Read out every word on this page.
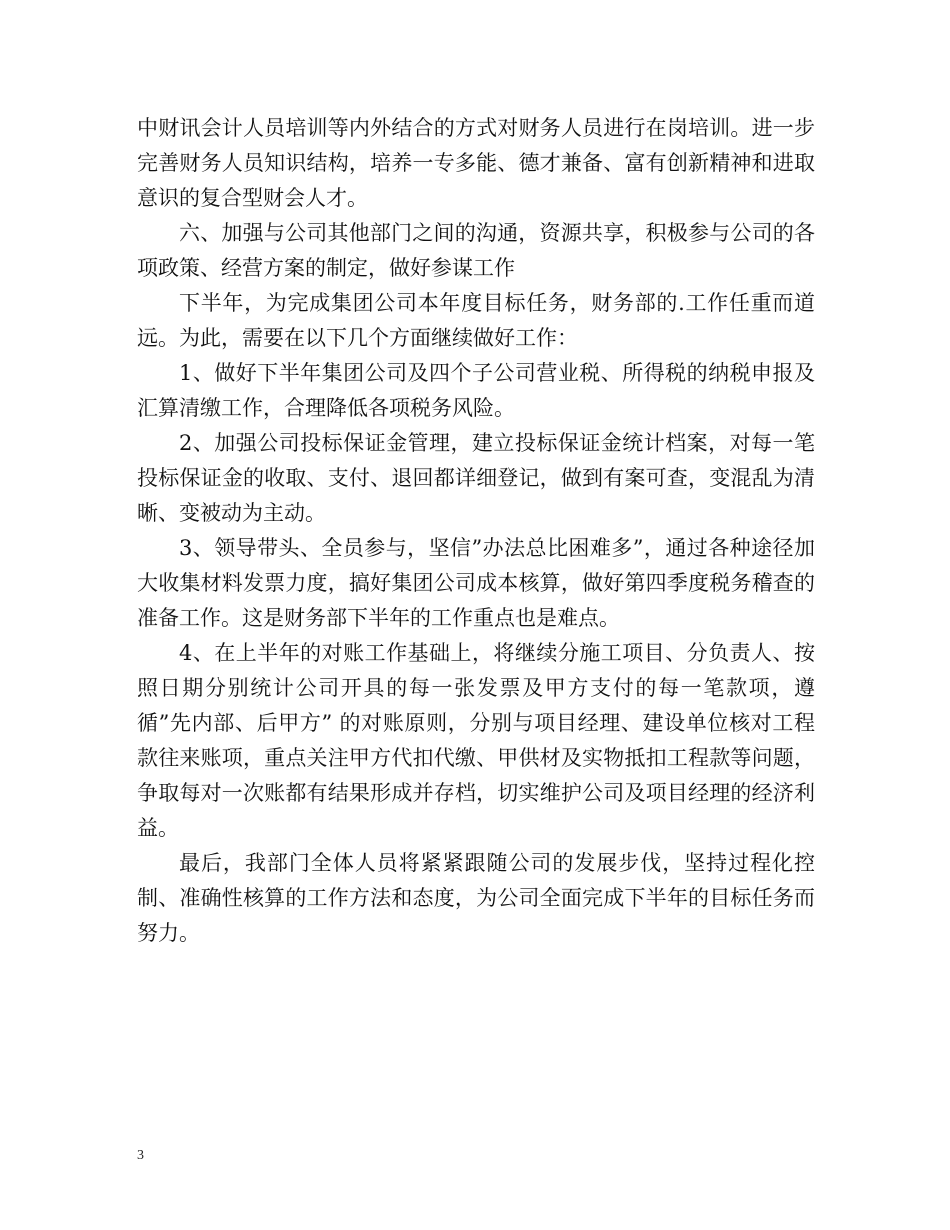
中财讯会计人员培训等内外结合的方式对财务人员进行在岗培训。进一步完善财务人员知识结构，培养一专多能、德才兼备、富有创新精神和进取意识的复合型财会人才。

六、加强与公司其他部门之间的沟通，资源共享，积极参与公司的各项政策、经营方案的制定，做好参谋工作

下半年，为完成集团公司本年度目标任务，财务部的.工作任重而道远。为此，需要在以下几个方面继续做好工作：

1、做好下半年集团公司及四个子公司营业税、所得税的纳税申报及汇算清缴工作，合理降低各项税务风险。

2、加强公司投标保证金管理，建立投标保证金统计档案，对每一笔投标保证金的收取、支付、退回都详细登记，做到有案可查，变混乱为清晰、变被动为主动。

3、领导带头、全员参与，坚信”办法总比困难多”，通过各种途径加大收集材料发票力度，搞好集团公司成本核算，做好第四季度税务稽查的准备工作。这是财务部下半年的工作重点也是难点。

4、在上半年的对账工作基础上，将继续分施工项目、分负责人、按照日期分别统计公司开具的每一张发票及甲方支付的每一笔款项，遵循”先内部、后甲方” 的对账原则，分别与项目经理、建设单位核对工程款往来账项，重点关注甲方代扣代缴、甲供材及实物抵扣工程款等问题，争取每对一次账都有结果形成并存档，切实维护公司及项目经理的经济利益。

最后，我部门全体人员将紧紧跟随公司的发展步伐，坚持过程化控制、准确性核算的工作方法和态度，为公司全面完成下半年的目标任务而努力。

3
